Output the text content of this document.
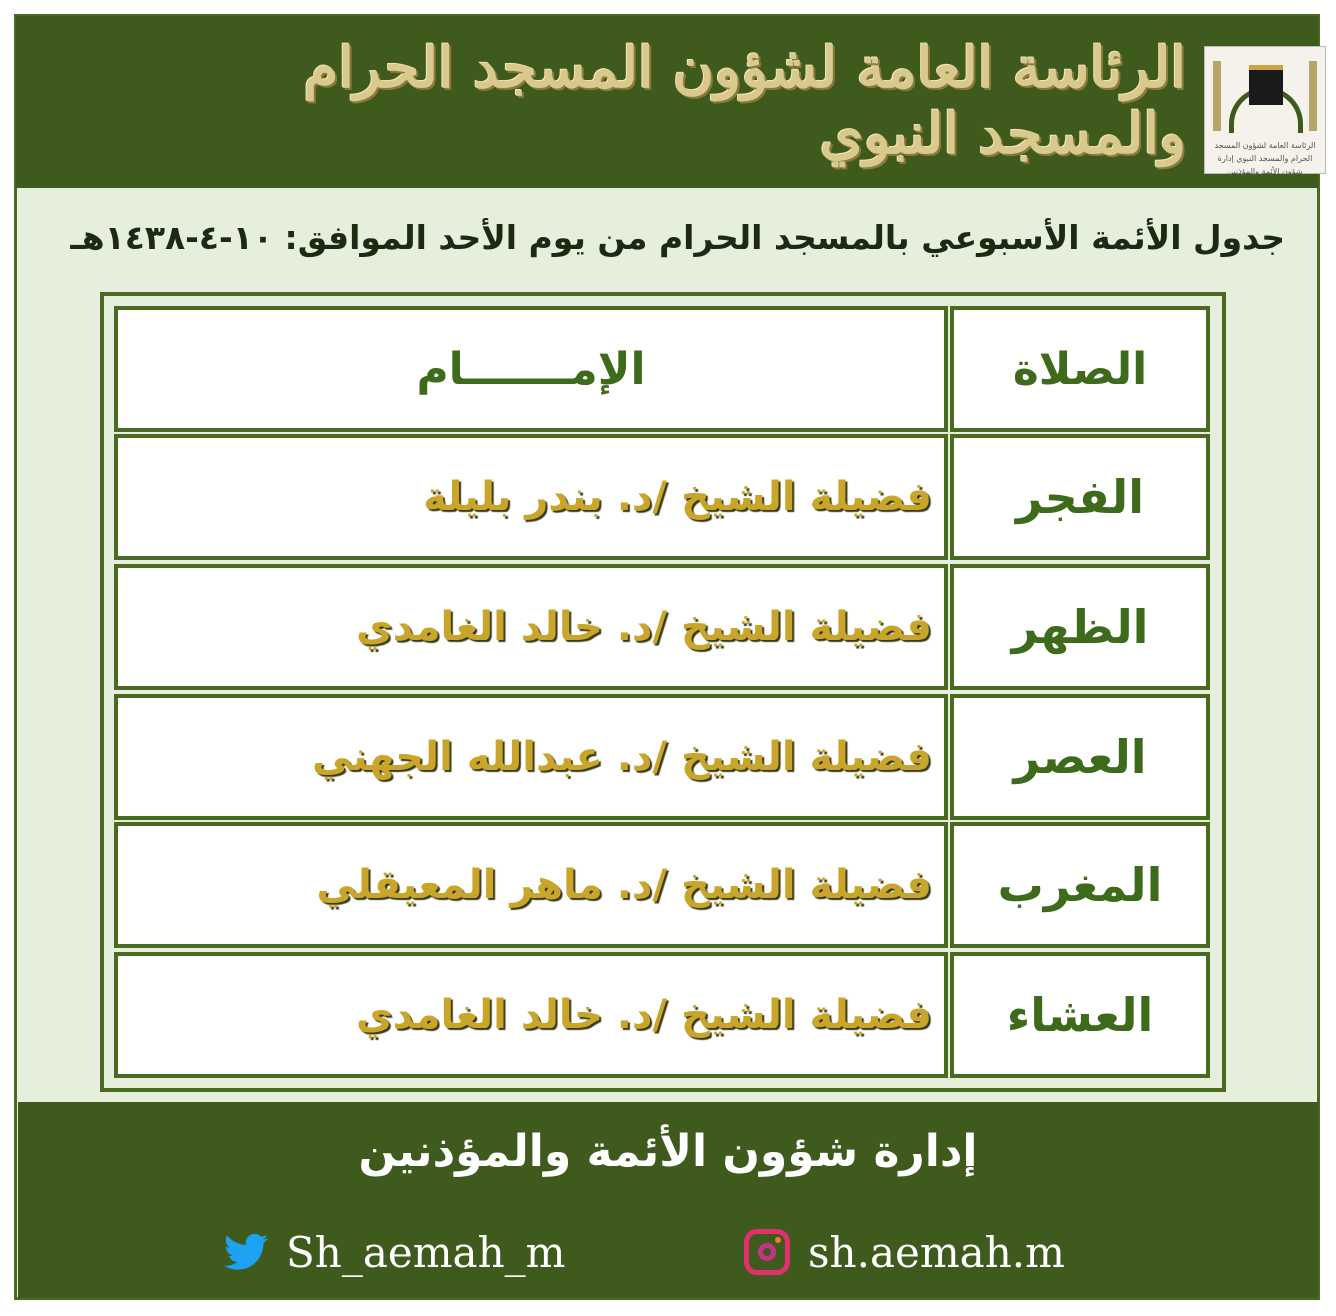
الرئاسة العامة لشؤون المسجد الحرام والمسجد النبوي	الرئاسة العامة لشؤون المسجد الحرام والمسجد النبوي إدارة شؤون الأئمة والمؤذنين
جدول الأئمة الأسبوعي بالمسجد الحرام من يوم الأحد الموافق: ١٠-٤-١٤٣٨هـ
الصلاة
الإمـــــــام
الفجر
فضيلة الشيخ /د. بندر بليلة
الظهر
فضيلة الشيخ /د. خالد الغامدي
العصر
فضيلة الشيخ /د. عبدالله الجهني
المغرب
فضيلة الشيخ /د. ماهر المعيقلي
العشاء
فضيلة الشيخ /د. خالد الغامدي
إدارة شؤون الأئمة والمؤذنين
Sh_aemah_m	sh.aemah.m
